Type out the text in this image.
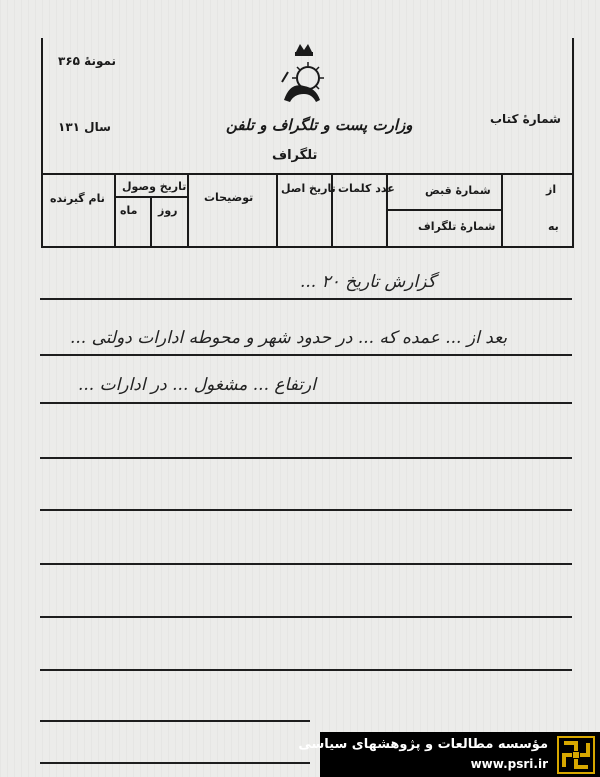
نمونهٔ ۳۶۵
سال ۱۳۱
شمارهٔ کتاب
وزارت پست و تلگراف و تلفن
تلگراف
از
به
شمارهٔ قبض
شمارهٔ تلگراف
عدد کلمات
تاریخ اصل
توضیحات
تاریخ وصول
روز
ماه
نام گیرنده
گزارش تاریخ ۲۰ ...
بعد از ... عمده که ... در حدود شهر و محوطه ادارات دولتی ...
ارتفاع ... مشغول ... در ادارات ...
مؤسسه مطالعات و پژوهشهای سیاسی
www.psri.ir
